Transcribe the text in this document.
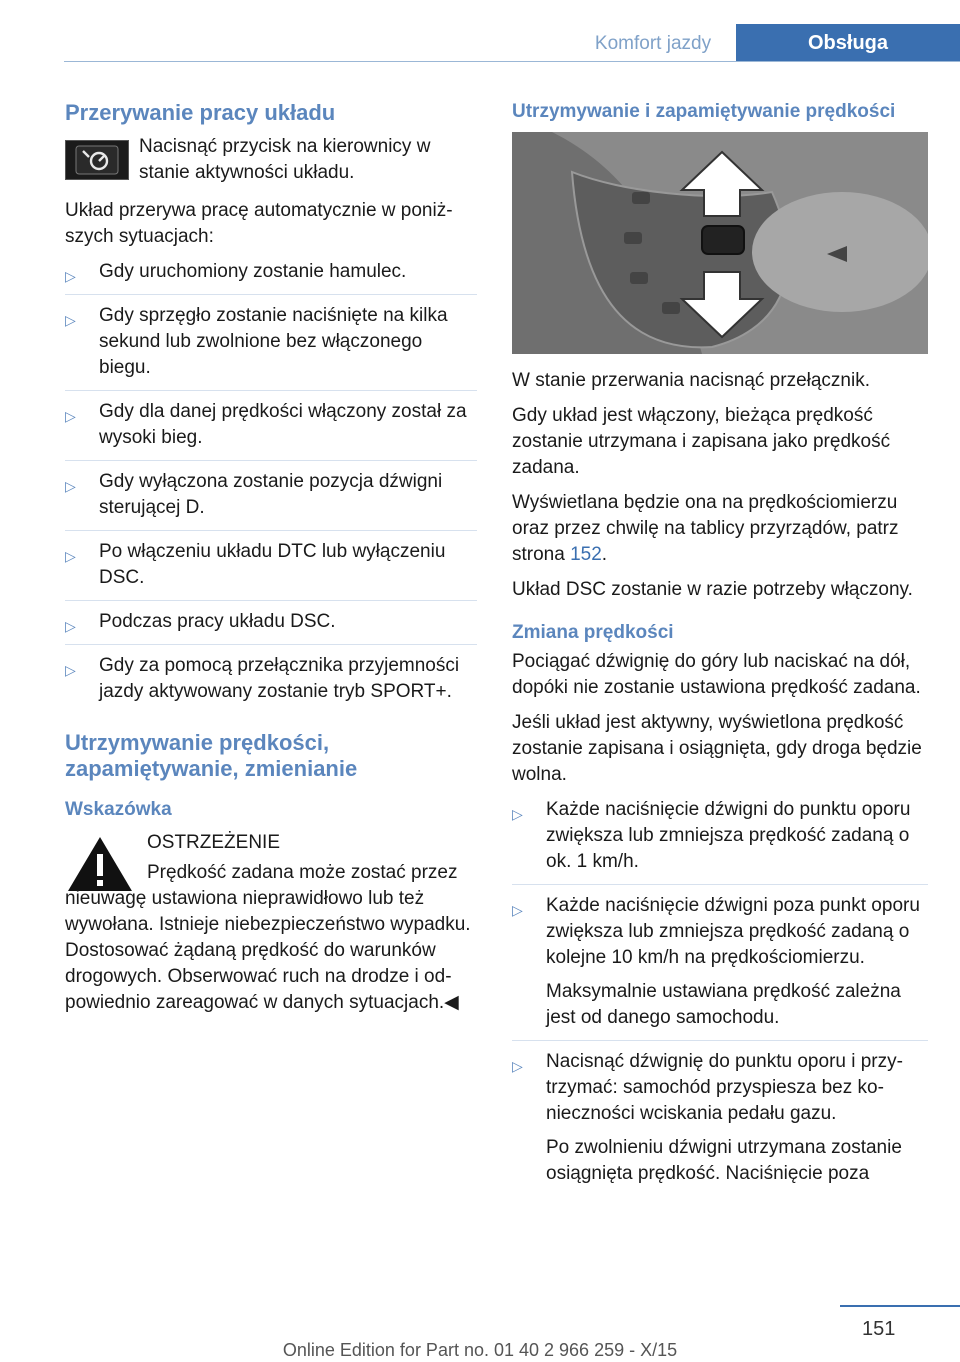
Komfort jazdy	Obsługa
Przerywanie pracy układu
Nacisnąć przycisk na kierownicy w stanie aktywności układu.
Układ przerywa pracę automatycznie w poniższych sytuacjach:
▷ Gdy uruchomiony zostanie hamulec.
▷ Gdy sprzęgło zostanie naciśnięte na kilka sekund lub zwolnione bez włączonego biegu.
▷ Gdy dla danej prędkości włączony został za wysoki bieg.
▷ Gdy wyłączona zostanie pozycja dźwigni sterującej D.
▷ Po włączeniu układu DTC lub wyłączeniu DSC.
▷ Podczas pracy układu DSC.
▷ Gdy za pomocą przełącznika przyjemności jazdy aktywowany zostanie tryb SPORT+.
Utrzymywanie prędkości, zapamiętywanie, zmienianie
Wskazówka
OSTRZEŻENIE
Prędkość zadana może zostać przez nieuwagę ustawiona nieprawidłowo lub też wywołana. Istnieje niebezpieczeństwo wypadku. Dostosować żądaną prędkość do warunków drogowych. Obserwować ruch na drodze i odpowiednio zareagować w danych sytuacjach.◀
Utrzymywanie i zapamiętywanie prędkości
W stanie przerwania nacisnąć przełącznik.
Gdy układ jest włączony, bieżąca prędkość zostanie utrzymana i zapisana jako prędkość zadana.
Wyświetlana będzie ona na prędkościomierzu oraz przez chwilę na tablicy przyrządów, patrz strona 152.
Układ DSC zostanie w razie potrzeby włączony.
Zmiana prędkości
Pociągać dźwignię do góry lub naciskać na dół, dopóki nie zostanie ustawiona prędkość zadana.
Jeśli układ jest aktywny, wyświetlona prędkość zostanie zapisana i osiągnięta, gdy droga będzie wolna.
▷ Każde naciśnięcie dźwigni do punktu oporu zwiększa lub zmniejsza prędkość zadaną o ok. 1 km/h.
▷ Każde naciśnięcie dźwigni poza punkt oporu zwiększa lub zmniejsza prędkość zadaną o kolejne 10 km/h na prędkościomierzu.
Maksymalnie ustawiana prędkość zależna jest od danego samochodu.
▷ Nacisnąć dźwignię do punktu oporu i przytrzymać: samochód przyspiesza bez konieczności wciskania pedału gazu.
Po zwolnieniu dźwigni utrzymana zostanie osiągnięta prędkość. Naciśnięcie poza
151
Online Edition for Part no. 01 40 2 966 259 - X/15
